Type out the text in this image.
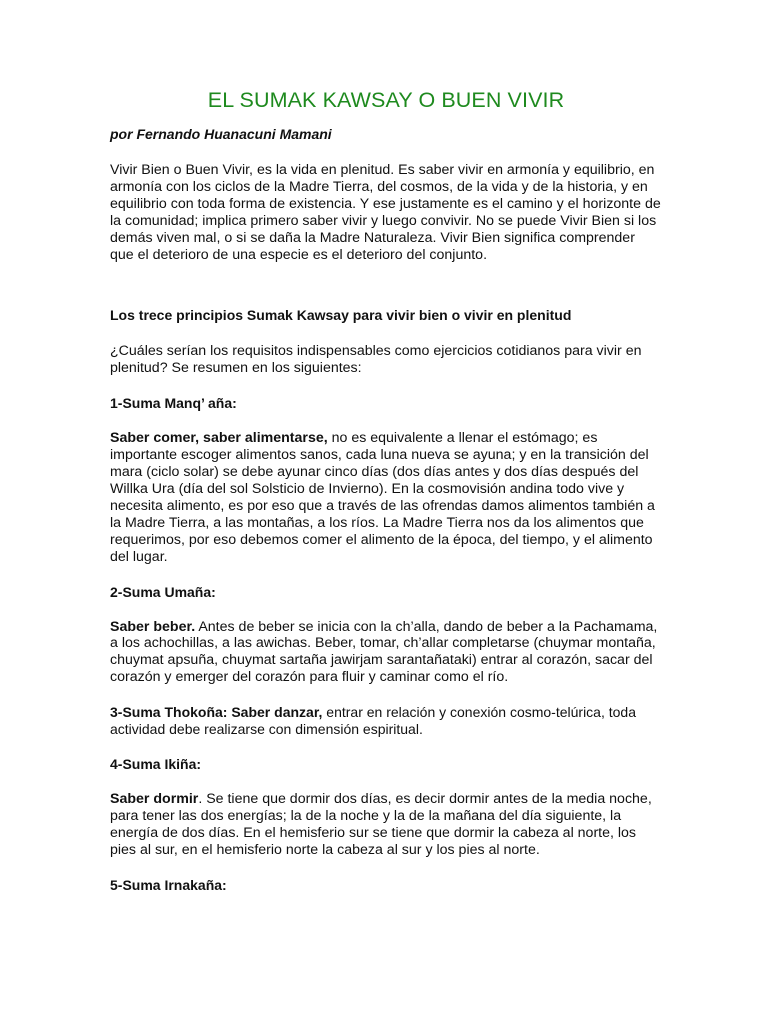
EL SUMAK KAWSAY O BUEN VIVIR
por Fernando Huanacuni Mamani

Vivir Bien o Buen Vivir, es la vida en plenitud. Es saber vivir en armonía y equilibrio, en armonía con los ciclos de la Madre Tierra, del cosmos, de la vida y de la historia, y en equilibrio con toda forma de existencia. Y ese justamente es el camino y el horizonte de la comunidad; implica primero saber vivir y luego convivir. No se puede Vivir Bien si los demás viven mal, o si se daña la Madre Naturaleza. Vivir Bien significa comprender que el deterioro de una especie es el deterioro del conjunto.

Los trece principios Sumak Kawsay para vivir bien o vivir en plenitud

¿Cuáles serían los requisitos indispensables como ejercicios cotidianos para vivir en plenitud? Se resumen en los siguientes:

1-Suma Manq’ aña:

Saber comer, saber alimentarse, no es equivalente a llenar el estómago; es importante escoger alimentos sanos, cada luna nueva se ayuna; y en la transición del mara (ciclo solar) se debe ayunar cinco días (dos días antes y dos días después del Willka Ura (día del sol Solsticio de Invierno). En la cosmovisión andina todo vive y necesita alimento, es por eso que a través de las ofrendas damos alimentos también a la Madre Tierra, a las montañas, a los ríos. La Madre Tierra nos da los alimentos que requerimos, por eso debemos comer el alimento de la época, del tiempo, y el alimento del lugar.

2-Suma Umaña:

Saber beber. Antes de beber se inicia con la ch’alla, dando de beber a la Pachamama, a los achochillas, a las awichas. Beber, tomar, ch’allar completarse (chuymar montaña, chuymat apsuña, chuymat sartaña jawirjam sarantañataki) entrar al corazón, sacar del corazón y emerger del corazón para fluir y caminar como el río.

3-Suma Thokoña: Saber danzar, entrar en relación y conexión cosmo-telúrica, toda actividad debe realizarse con dimensión espiritual.

4-Suma Ikiña:

Saber dormir. Se tiene que dormir dos días, es decir dormir antes de la media noche, para tener las dos energías; la de la noche y la de la mañana del día siguiente, la energía de dos días. En el hemisferio sur se tiene que dormir la cabeza al norte, los pies al sur, en el hemisferio norte la cabeza al sur y los pies al norte.

5-Suma Irnakaña:
